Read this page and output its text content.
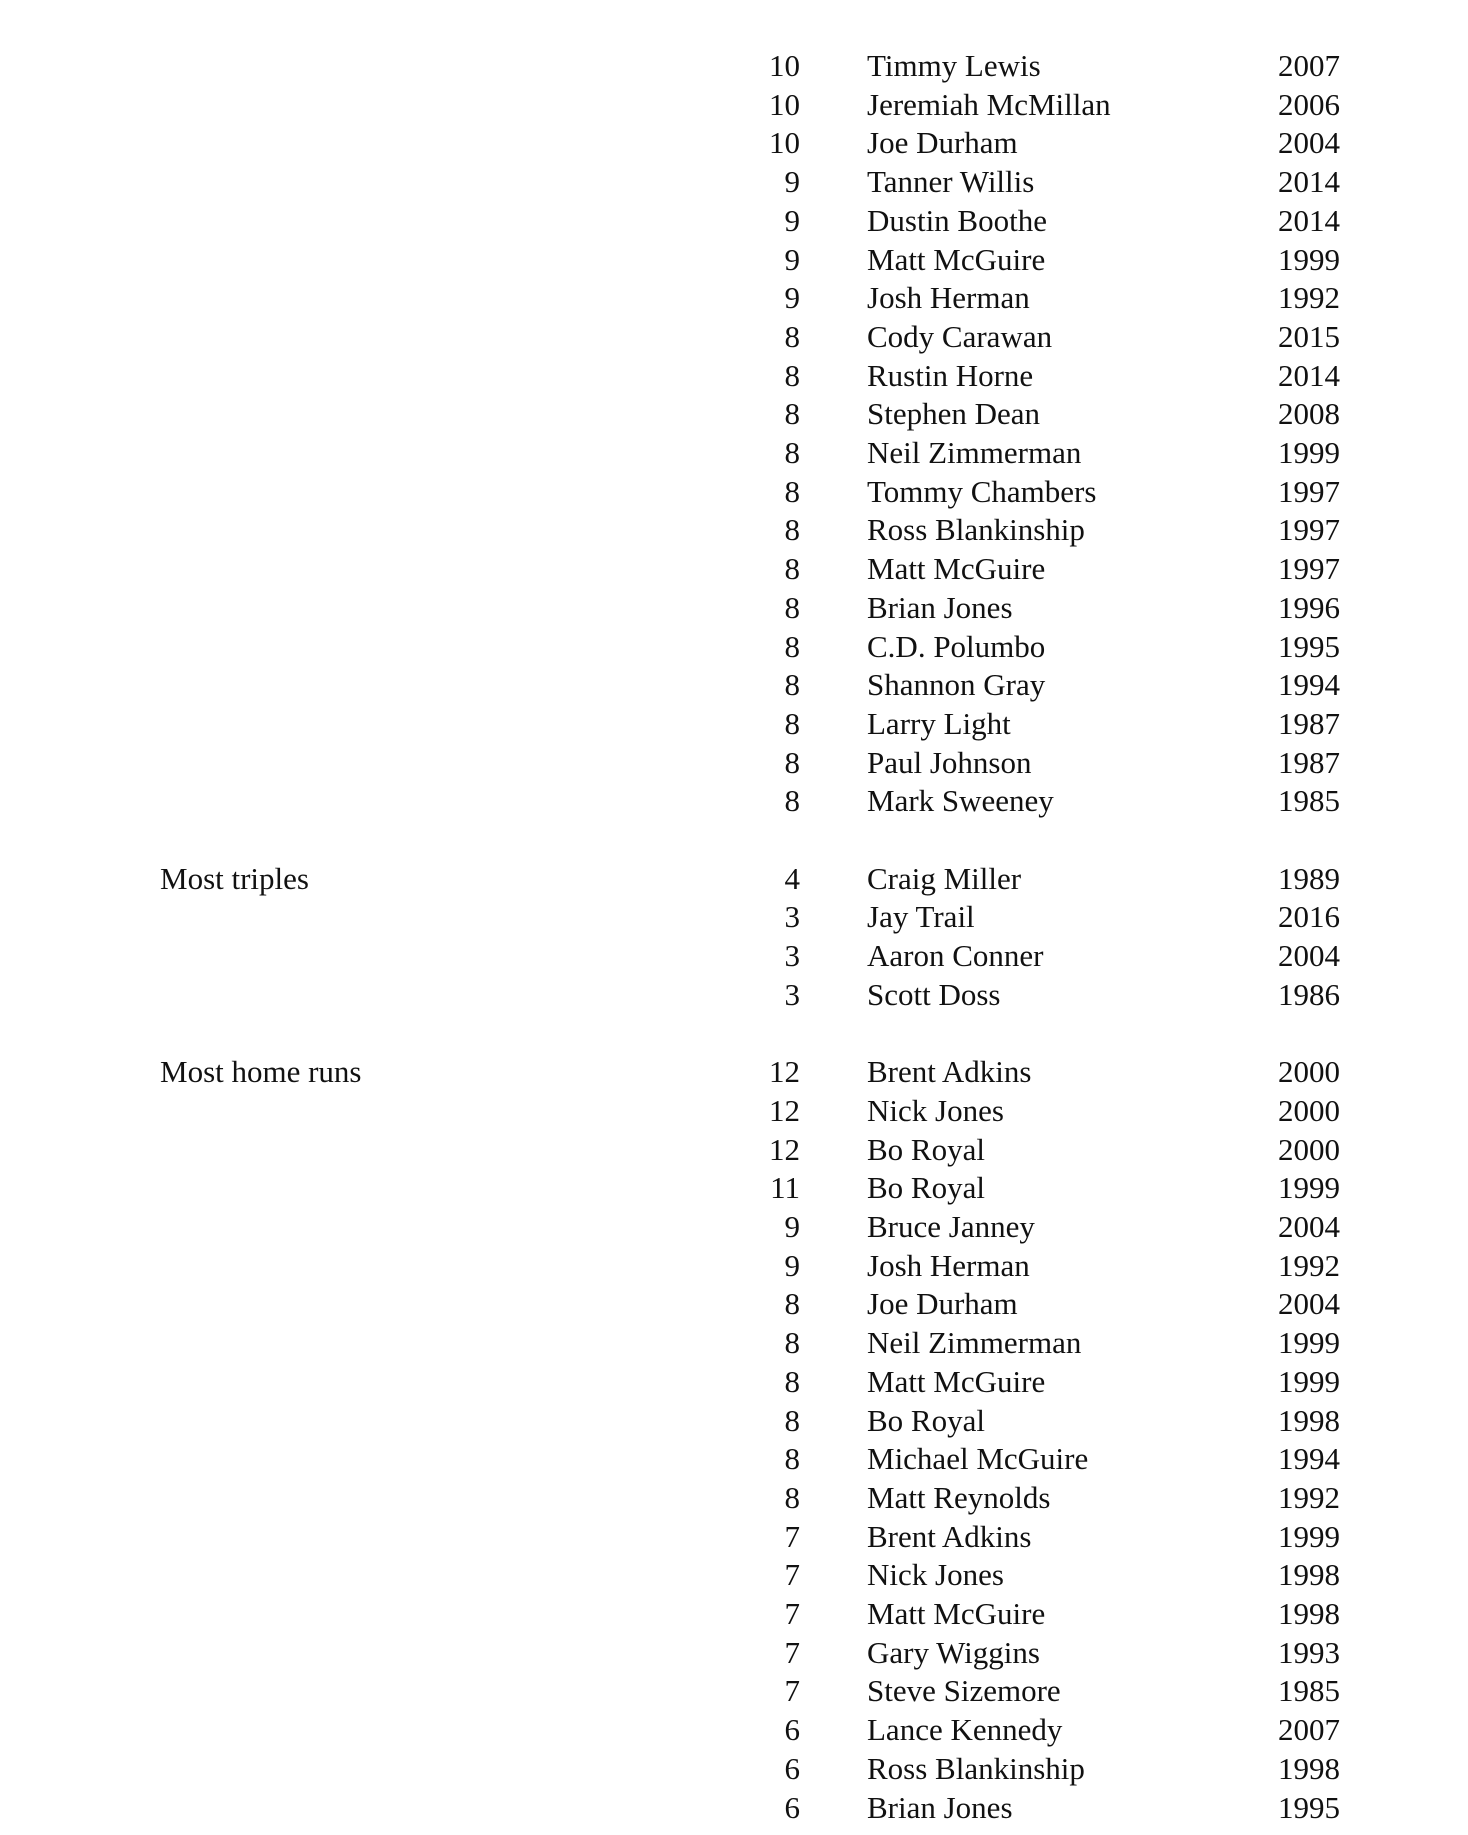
10 Timmy Lewis	2007
10 Jeremiah McMillan	2006
10 Joe Durham	2004
9 Tanner Willis	2014
9 Dustin Boothe	2014
9 Matt McGuire	1999
9 Josh Herman	1992
8 Cody Carawan	2015
8 Rustin Horne	2014
8 Stephen Dean	2008
8 Neil Zimmerman	1999
8 Tommy Chambers	1997
8 Ross Blankinship	1997
8 Matt McGuire	1997
8 Brian Jones	1996
8 C.D. Polumbo	1995
8 Shannon Gray	1994
8 Larry Light	1987
8 Paul Johnson	1987
8 Mark Sweeney	1985
Most triples	4 Craig Miller	1989
3 Jay Trail	2016
3 Aaron Conner	2004
3 Scott Doss	1986
Most home runs	12 Brent Adkins	2000
12 Nick Jones	2000
12 Bo Royal	2000
11 Bo Royal	1999
9 Bruce Janney	2004
9 Josh Herman	1992
8 Joe Durham	2004
8 Neil Zimmerman	1999
8 Matt McGuire	1999
8 Bo Royal	1998
8 Michael McGuire	1994
8 Matt Reynolds	1992
7 Brent Adkins	1999
7 Nick Jones	1998
7 Matt McGuire	1998
7 Gary Wiggins	1993
7 Steve Sizemore	1985
6 Lance Kennedy	2007
6 Ross Blankinship	1998
6 Brian Jones	1995
